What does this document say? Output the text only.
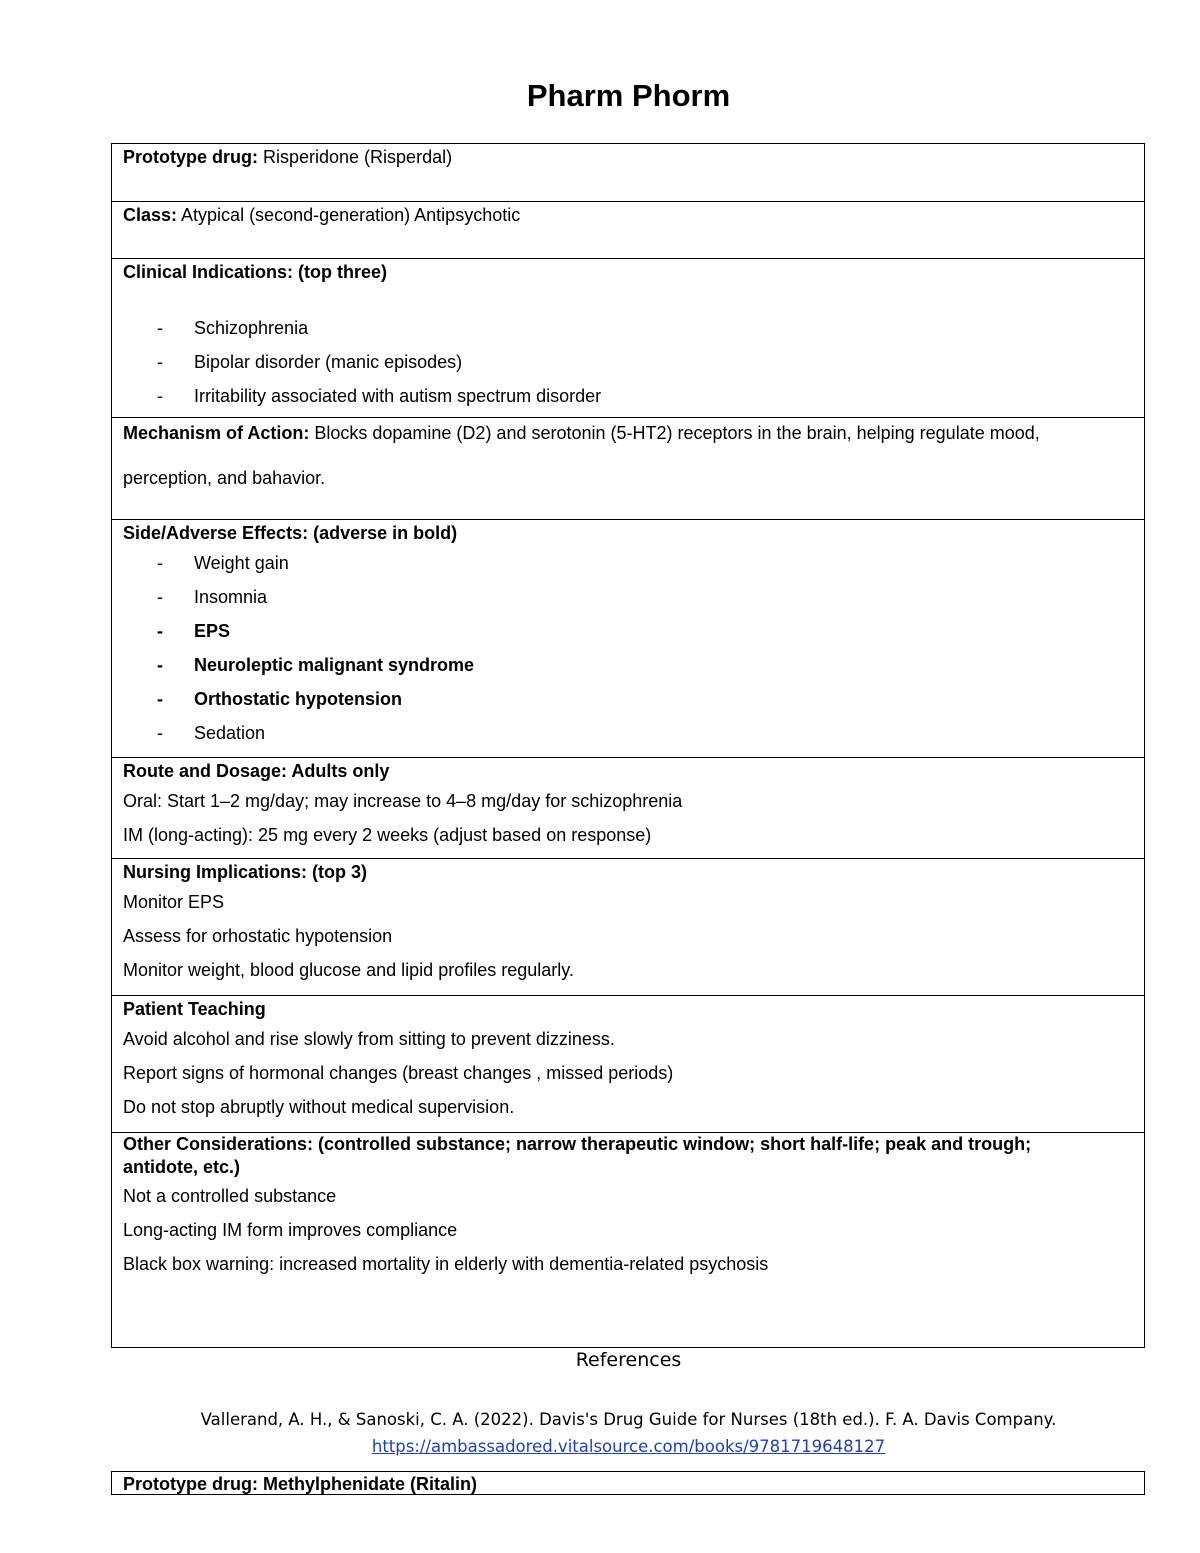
Pharm Phorm
Prototype drug: Risperidone (Risperdal)
Class: Atypical (second-generation) Antipsychotic
Clinical Indications: (top three)
-	Schizophrenia
-	Bipolar disorder (manic episodes)
-	Irritability associated with autism spectrum disorder
Mechanism of Action: Blocks dopamine (D2) and serotonin (5-HT2) receptors in the brain, helping regulate mood,
perception, and bahavior.
Side/Adverse Effects: (adverse in bold)
-	Weight gain
-	Insomnia
-	EPS
-	Neuroleptic malignant syndrome
-	Orthostatic hypotension
-	Sedation
Route and Dosage: Adults only
Oral: Start 1–2 mg/day; may increase to 4–8 mg/day for schizophrenia
IM (long-acting): 25 mg every 2 weeks (adjust based on response)
Nursing Implications: (top 3)
Monitor EPS
Assess for orhostatic hypotension
Monitor weight, blood glucose and lipid profiles regularly.
Patient Teaching
Avoid alcohol and rise slowly from sitting to prevent dizziness.
Report signs of hormonal changes (breast changes , missed periods)
Do not stop abruptly without medical supervision.
Other Considerations: (controlled substance; narrow therapeutic window; short half-life; peak and trough;
antidote, etc.)
Not a controlled substance
Long-acting IM form improves compliance
Black box warning: increased mortality in elderly with dementia-related psychosis
References
Vallerand, A. H., & Sanoski, C. A. (2022). Davis's Drug Guide for Nurses (18th ed.). F. A. Davis Company.
https://ambassadored.vitalsource.com/books/9781719648127
Prototype drug: Methylphenidate (Ritalin)
